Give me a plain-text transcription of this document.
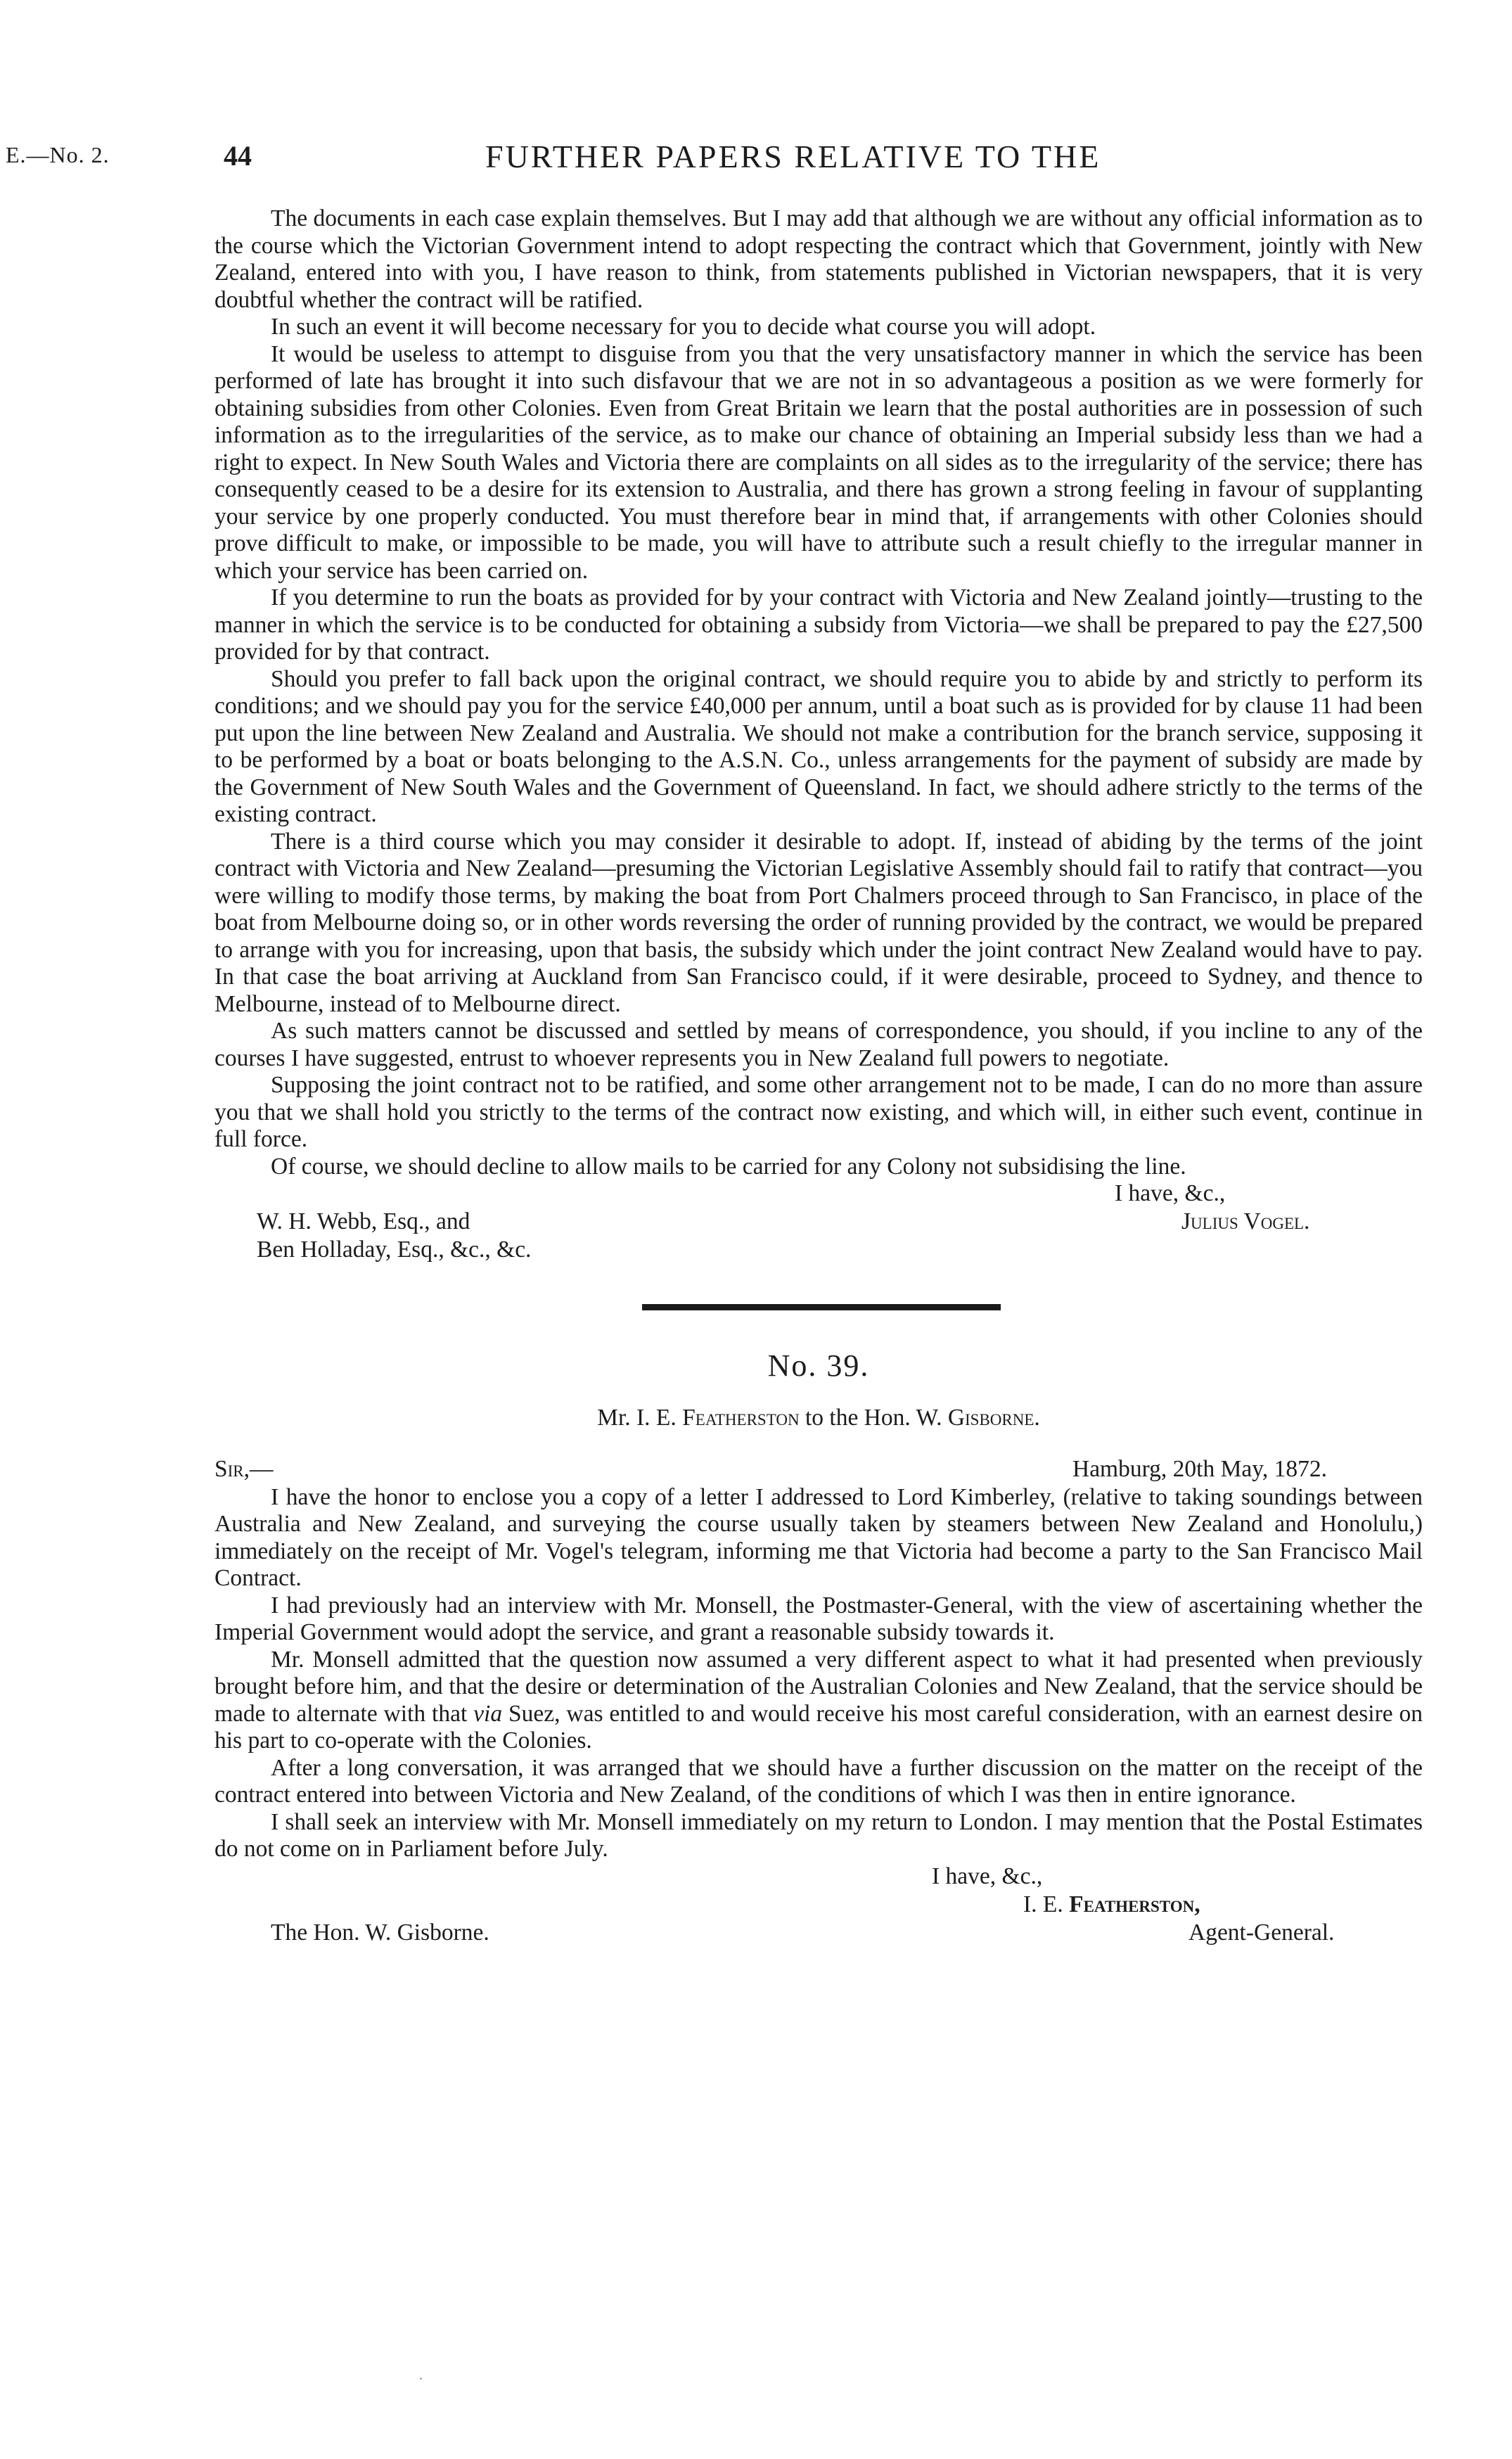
E.—No. 2.	44	FURTHER PAPERS RELATIVE TO THE

The documents in each case explain themselves. But I may add that although we are without any official information as to the course which the Victorian Government intend to adopt respecting the contract which that Government, jointly with New Zealand, entered into with you, I have reason to think, from statements published in Victorian newspapers, that it is very doubtful whether the contract will be ratified.

In such an event it will become necessary for you to decide what course you will adopt.

It would be useless to attempt to disguise from you that the very unsatisfactory manner in which the service has been performed of late has brought it into such disfavour that we are not in so advantageous a position as we were formerly for obtaining subsidies from other Colonies. Even from Great Britain we learn that the postal authorities are in possession of such information as to the irregularities of the service, as to make our chance of obtaining an Imperial subsidy less than we had a right to expect. In New South Wales and Victoria there are complaints on all sides as to the irregularity of the service; there has consequently ceased to be a desire for its extension to Australia, and there has grown a strong feeling in favour of supplanting your service by one properly conducted. You must therefore bear in mind that, if arrangements with other Colonies should prove difficult to make, or impossible to be made, you will have to attribute such a result chiefly to the irregular manner in which your service has been carried on.

If you determine to run the boats as provided for by your contract with Victoria and New Zealand jointly—trusting to the manner in which the service is to be conducted for obtaining a subsidy from Victoria—we shall be prepared to pay the £27,500 provided for by that contract.

Should you prefer to fall back upon the original contract, we should require you to abide by and strictly to perform its conditions; and we should pay you for the service £40,000 per annum, until a boat such as is provided for by clause 11 had been put upon the line between New Zealand and Australia. We should not make a contribution for the branch service, supposing it to be performed by a boat or boats belonging to the A.S.N. Co., unless arrangements for the payment of subsidy are made by the Government of New South Wales and the Government of Queensland. In fact, we should adhere strictly to the terms of the existing contract.

There is a third course which you may consider it desirable to adopt. If, instead of abiding by the terms of the joint contract with Victoria and New Zealand—presuming the Victorian Legislative Assembly should fail to ratify that contract—you were willing to modify those terms, by making the boat from Port Chalmers proceed through to San Francisco, in place of the boat from Melbourne doing so, or in other words reversing the order of running provided by the contract, we would be prepared to arrange with you for increasing, upon that basis, the subsidy which under the joint contract New Zealand would have to pay. In that case the boat arriving at Auckland from San Francisco could, if it were desirable, proceed to Sydney, and thence to Melbourne, instead of to Melbourne direct.

As such matters cannot be discussed and settled by means of correspondence, you should, if you incline to any of the courses I have suggested, entrust to whoever represents you in New Zealand full powers to negotiate.

Supposing the joint contract not to be ratified, and some other arrangement not to be made, I can do no more than assure you that we shall hold you strictly to the terms of the contract now existing, and which will, in either such event, continue in full force.

Of course, we should decline to allow mails to be carried for any Colony not subsidising the line.

I have, &c.,
W. H. Webb, Esq., and	Julius Vogel.
Ben Holladay, Esq., &c., &c.
No. 39.
Mr. I. E. Featherston to the Hon. W. Gisborne.
Sir,—	Hamburg, 20th May, 1872.

I have the honor to enclose you a copy of a letter I addressed to Lord Kimberley, (relative to taking soundings between Australia and New Zealand, and surveying the course usually taken by steamers between New Zealand and Honolulu,) immediately on the receipt of Mr. Vogel's telegram, informing me that Victoria had become a party to the San Francisco Mail Contract.

I had previously had an interview with Mr. Monsell, the Postmaster-General, with the view of ascertaining whether the Imperial Government would adopt the service, and grant a reasonable subsidy towards it.

Mr. Monsell admitted that the question now assumed a very different aspect to what it had presented when previously brought before him, and that the desire or determination of the Australian Colonies and New Zealand, that the service should be made to alternate with that via Suez, was entitled to and would receive his most careful consideration, with an earnest desire on his part to co-operate with the Colonies.

After a long conversation, it was arranged that we should have a further discussion on the matter on the receipt of the contract entered into between Victoria and New Zealand, of the conditions of which I was then in entire ignorance.

I shall seek an interview with Mr. Monsell immediately on my return to London. I may mention that the Postal Estimates do not come on in Parliament before July.

I have, &c.,
I. E. Featherston,
The Hon. W. Gisborne.	Agent-General.
.
